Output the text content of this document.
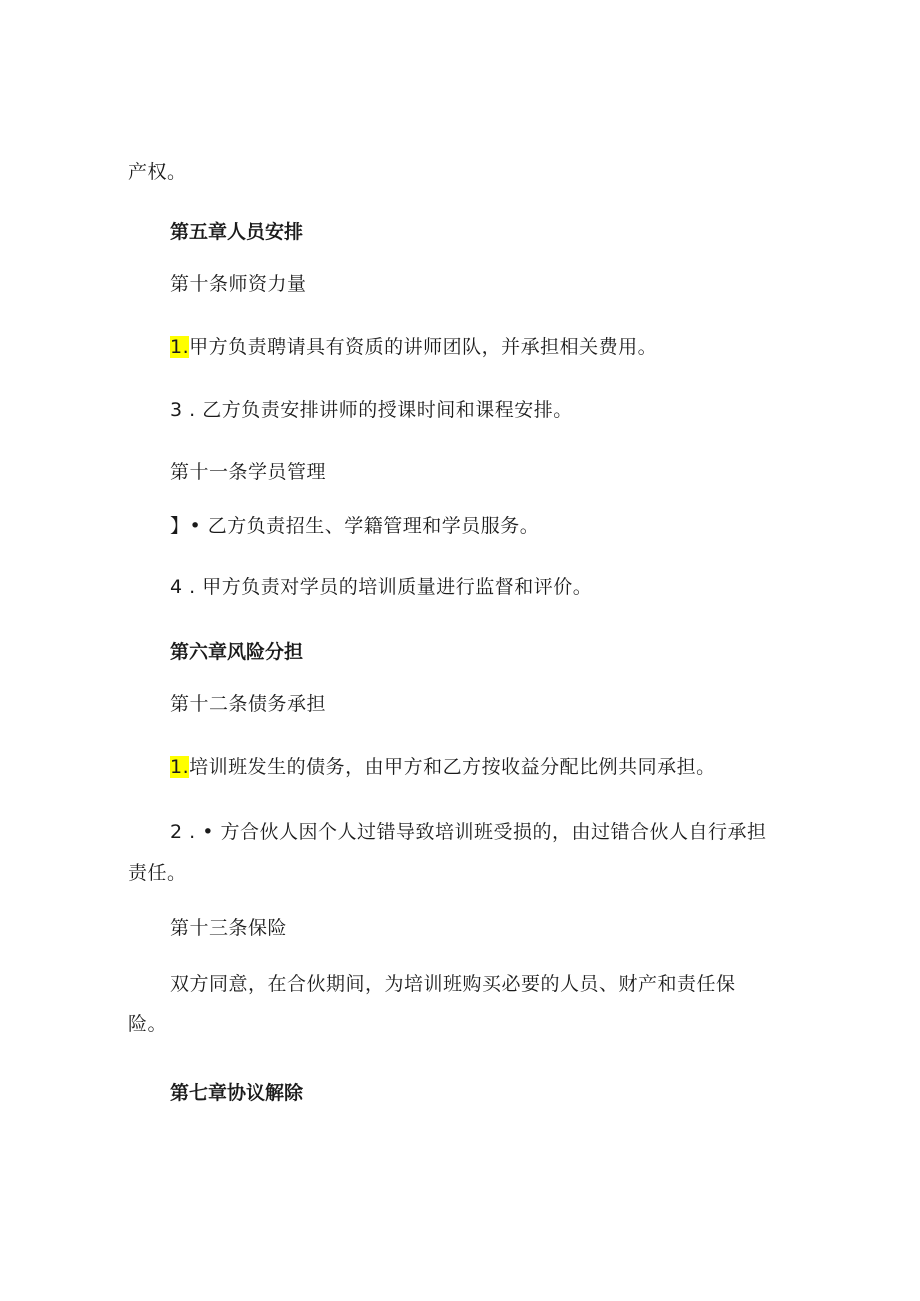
产权。
第五章人员安排
第十条师资力量
1.甲方负责聘请具有资质的讲师团队，并承担相关费用。
3 . 乙方负责安排讲师的授课时间和课程安排。
第十一条学员管理
】• 乙方负责招生、学籍管理和学员服务。
4 . 甲方负责对学员的培训质量进行监督和评价。
第六章风险分担
第十二条债务承担
1.培训班发生的债务，由甲方和乙方按收益分配比例共同承担。
2 . • 方合伙人因个人过错导致培训班受损的，由过错合伙人自行承担
责任。
第十三条保险
双方同意，在合伙期间，为培训班购买必要的人员、财产和责任保
险。
第七章协议解除
